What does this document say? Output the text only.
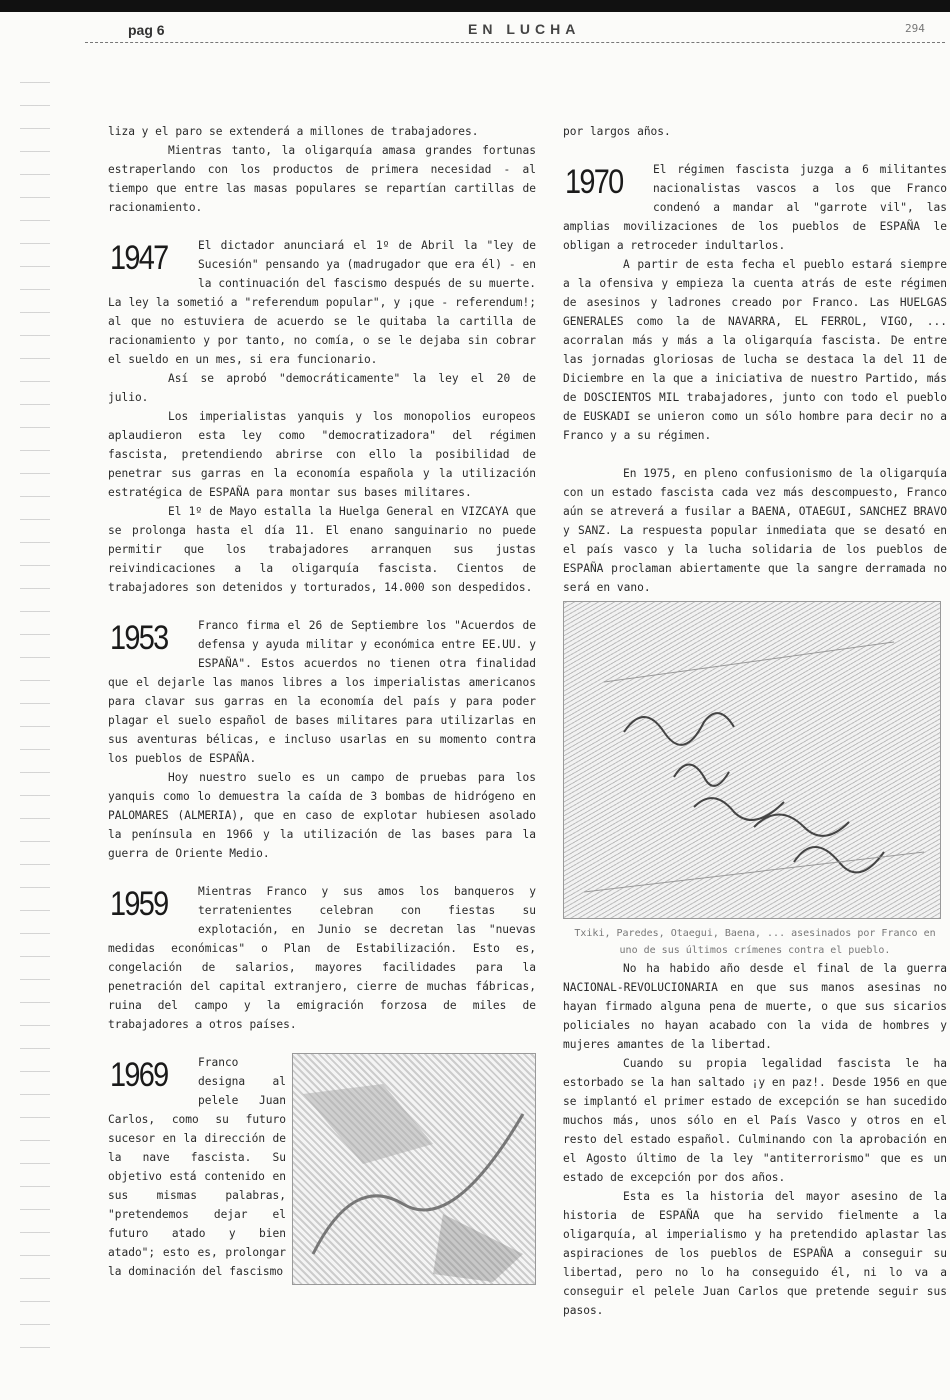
pag 6	EN LUCHA	294

liza y el paro se extenderá a millones de trabajadores.

Mientras tanto, la oligarquía amasa grandes fortunas estraperlando con los productos de primera necesidad - al tiempo que entre las masas populares se repartían cartillas de racionamiento.

1947	El dictador anunciará el 1º de Abril la "ley de Sucesión" pensando ya (madrugador que era él) - en la continuación del fascismo después de su muerte. La ley la sometió a "referendum popular", y ¡que - referendum!; al que no estuviera de acuerdo se le quitaba la cartilla de racionamiento y por tanto, no comía, o se le dejaba sin cobrar el sueldo en un mes, si era funcionario.

Así se aprobó "democráticamente" la ley el 20 de julio.

Los imperialistas yanquis y los monopolios europeos aplaudieron esta ley como "democratizadora" del régimen fascista, pretendiendo abrirse con ello la posibilidad de penetrar sus garras en la economía española y la utilización estratégica de ESPAÑA para montar sus bases militares.

El 1º de Mayo estalla la Huelga General en VIZCAYA que se prolonga hasta el día 11. El enano sanguinario no puede permitir que los trabajadores arranquen sus justas reivindicaciones a la oligarquía fascista. Cientos de trabajadores son detenidos y torturados, 14.000 son despedidos.

1953	Franco firma el 26 de Septiembre los "Acuerdos de defensa y ayuda militar y económica entre EE.UU. y ESPAÑA". Estos acuerdos no tienen otra finalidad que el dejarle las manos libres a los imperialistas americanos para clavar sus garras en la economía del país y para poder plagar el suelo español de bases militares para utilizarlas en sus aventuras bélicas, e incluso usarlas en su momento contra los pueblos de ESPAÑA.

Hoy nuestro suelo es un campo de pruebas para los yanquis como lo demuestra la caída de 3 bombas de hidrógeno en PALOMARES (ALMERIA), que en caso de explotar hubiesen asolado la península en 1966 y la utilización de las bases para la guerra de Oriente Medio.

1959	Mientras Franco y sus amos los banqueros y terratenientes celebran con fiestas su explotación, en Junio se decretan las "nuevas medidas económicas" o Plan de Estabilización. Esto es, congelación de salarios, mayores facilidades para la penetración del capital extranjero, cierre de muchas fábricas, ruina del campo y la emigración forzosa de miles de trabajadores a otros países.

1969	Franco designa al pelele Juan Carlos, como su futuro sucesor en la dirección de la nave fascista. Su objetivo está contenido en sus mismas palabras, "pretendemos dejar el futuro atado y bien atado"; esto es, prolongar la dominación del fascismo

por largos años.

1970	El régimen fascista juzga a 6 militantes nacionalistas vascos a los que Franco condenó a mandar al "garrote vil", las amplias movilizaciones de los pueblos de ESPAÑA le obligan a retroceder indultarlos.

A partir de esta fecha el pueblo estará siempre a la ofensiva y empieza la cuenta atrás de este régimen de asesinos y ladrones creado por Franco. Las HUELGAS GENERALES como la de NAVARRA, EL FERROL, VIGO, ... acorralan más y más a la oligarquía fascista. De entre las jornadas gloriosas de lucha se destaca la del 11 de Diciembre en la que a iniciativa de nuestro Partido, más de DOSCIENTOS MIL trabajadores, junto con todo el pueblo de EUSKADI se unieron como un sólo hombre para decir no a Franco y a su régimen.

En 1975, en pleno confusionismo de la oligarquía con un estado fascista cada vez más descompuesto, Franco aún se atreverá a fusilar a BAENA, OTAEGUI, SANCHEZ BRAVO y SANZ. La respuesta popular inmediata que se desató en el país vasco y la lucha solidaria de los pueblos de ESPAÑA proclaman abiertamente que la sangre derramada no será en vano.

Txiki, Paredes, Otaegui, Baena, ... asesinados por Franco en uno de sus últimos crímenes contra el pueblo.

No ha habido año desde el final de la guerra NACIONAL-REVOLUCIONARIA en que sus manos asesinas no hayan firmado alguna pena de muerte, o que sus sicarios policiales no hayan acabado con la vida de hombres y mujeres amantes de la libertad.

Cuando su propia legalidad fascista le ha estorbado se la han saltado ¡y en paz!. Desde 1956 en que se implantó el primer estado de excepción se han sucedido muchos más, unos sólo en el País Vasco y otros en el resto del estado español. Culminando con la aprobación en el Agosto último de la ley "antiterrorismo" que es un estado de excepción por dos años.

Esta es la historia del mayor asesino de la historia de ESPAÑA que ha servido fielmente a la oligarquía, al imperialismo y ha pretendido aplastar las aspiraciones de los pueblos de ESPAÑA a conseguir su libertad, pero no lo ha conseguido él, ni lo va a conseguir el pelele Juan Carlos que pretende seguir sus pasos.
